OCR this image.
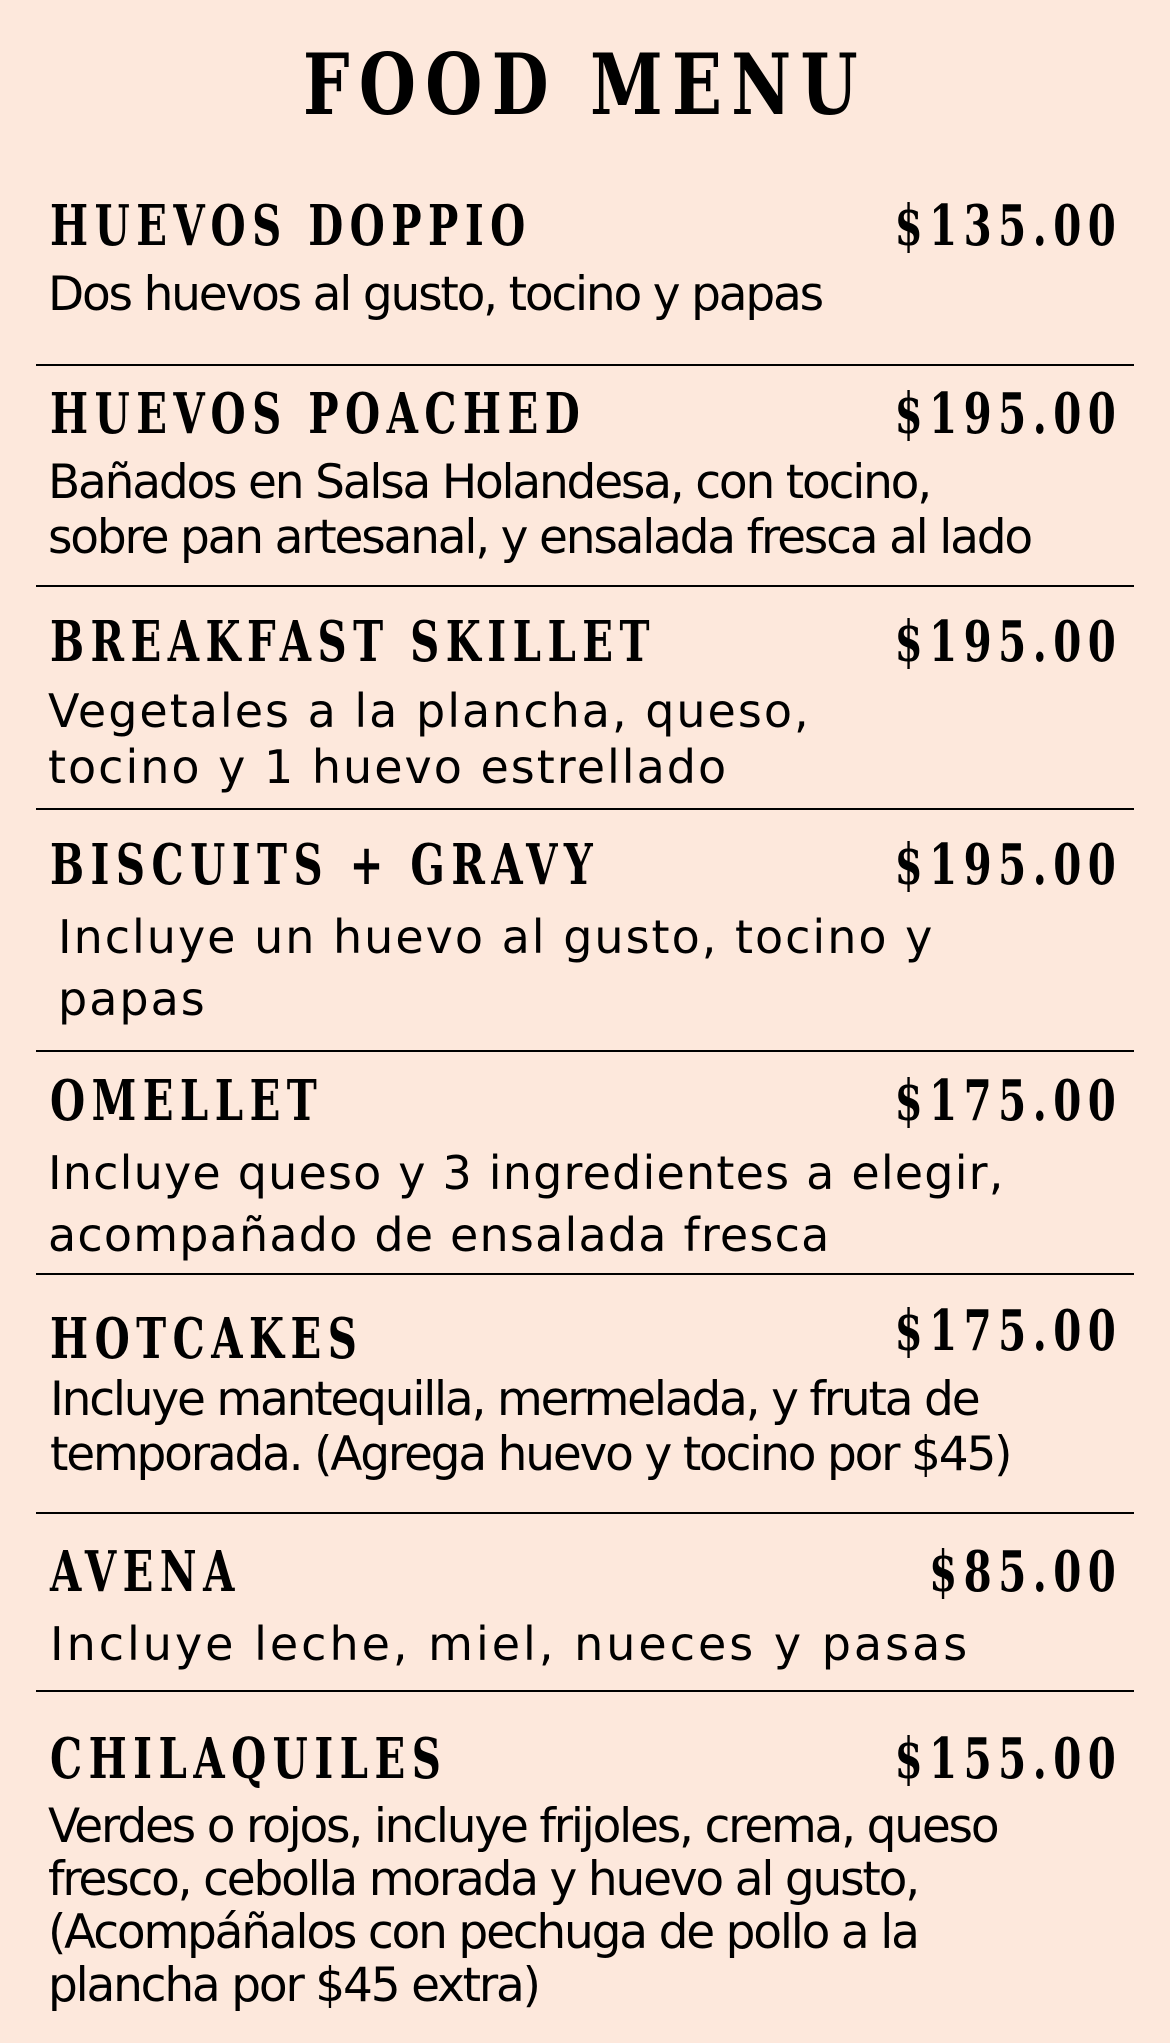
FOOD MENU
HUEVOS DOPPIO	$135.00

Dos huevos al gusto, tocino y papas

HUEVOS POACHED	$195.00

Bañados en Salsa Holandesa, con tocino,

sobre pan artesanal, y ensalada fresca al lado

BREAKFAST SKILLET	$195.00

Vegetales a la plancha, queso,

tocino y 1 huevo estrellado

BISCUITS + GRAVY	$195.00

Incluye un huevo al gusto, tocino y

papas

OMELLET	$175.00

Incluye queso y 3 ingredientes a elegir,

acompañado de ensalada fresca

HOTCAKES	$175.00

Incluye mantequilla, mermelada, y fruta de

temporada. (Agrega huevo y tocino por $45)

AVENA	$85.00

Incluye leche, miel, nueces y pasas

CHILAQUILES	$155.00

Verdes o rojos, incluye frijoles, crema, queso

fresco, cebolla morada y huevo al gusto,

(Acompáñalos con pechuga de pollo a la

plancha por $45 extra)
